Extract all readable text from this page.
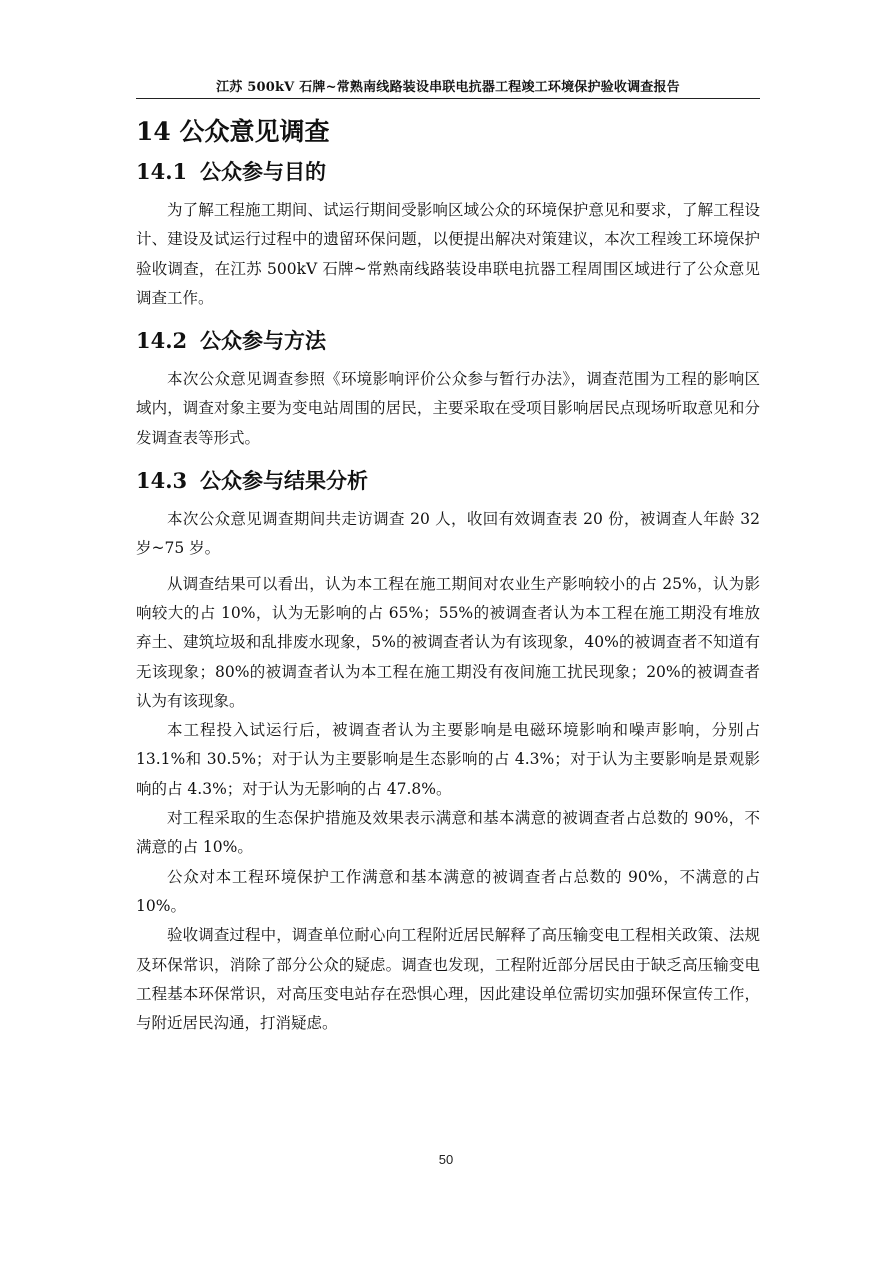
江苏 500kV 石牌~常熟南线路装设串联电抗器工程竣工环境保护验收调查报告
14 公众意见调查
14.1 公众参与目的

为了解工程施工期间、试运行期间受影响区域公众的环境保护意见和要求，了解工程设计、建设及试运行过程中的遗留环保问题，以便提出解决对策建议，本次工程竣工环境保护验收调查，在江苏 500kV 石牌~常熟南线路装设串联电抗器工程周围区域进行了公众意见调查工作。

14.2 公众参与方法

本次公众意见调查参照《环境影响评价公众参与暂行办法》，调查范围为工程的影响区域内，调查对象主要为变电站周围的居民，主要采取在受项目影响居民点现场听取意见和分发调查表等形式。

14.3 公众参与结果分析

本次公众意见调查期间共走访调查 20 人，收回有效调查表 20 份，被调查人年龄 32 岁~75 岁。

从调查结果可以看出，认为本工程在施工期间对农业生产影响较小的占 25%，认为影响较大的占 10%，认为无影响的占 65%；55%的被调查者认为本工程在施工期没有堆放弃土、建筑垃圾和乱排废水现象，5%的被调查者认为有该现象，40%的被调查者不知道有无该现象；80%的被调查者认为本工程在施工期没有夜间施工扰民现象；20%的被调查者认为有该现象。

本工程投入试运行后，被调查者认为主要影响是电磁环境影响和噪声影响，分别占 13.1%和 30.5%；对于认为主要影响是生态影响的占 4.3%；对于认为主要影响是景观影响的占 4.3%；对于认为无影响的占 47.8%。

对工程采取的生态保护措施及效果表示满意和基本满意的被调查者占总数的 90%，不满意的占 10%。

公众对本工程环境保护工作满意和基本满意的被调查者占总数的 90%，不满意的占 10%。

验收调查过程中，调查单位耐心向工程附近居民解释了高压输变电工程相关政策、法规及环保常识，消除了部分公众的疑虑。调查也发现，工程附近部分居民由于缺乏高压输变电工程基本环保常识，对高压变电站存在恐惧心理，因此建设单位需切实加强环保宣传工作，与附近居民沟通，打消疑虑。

50
